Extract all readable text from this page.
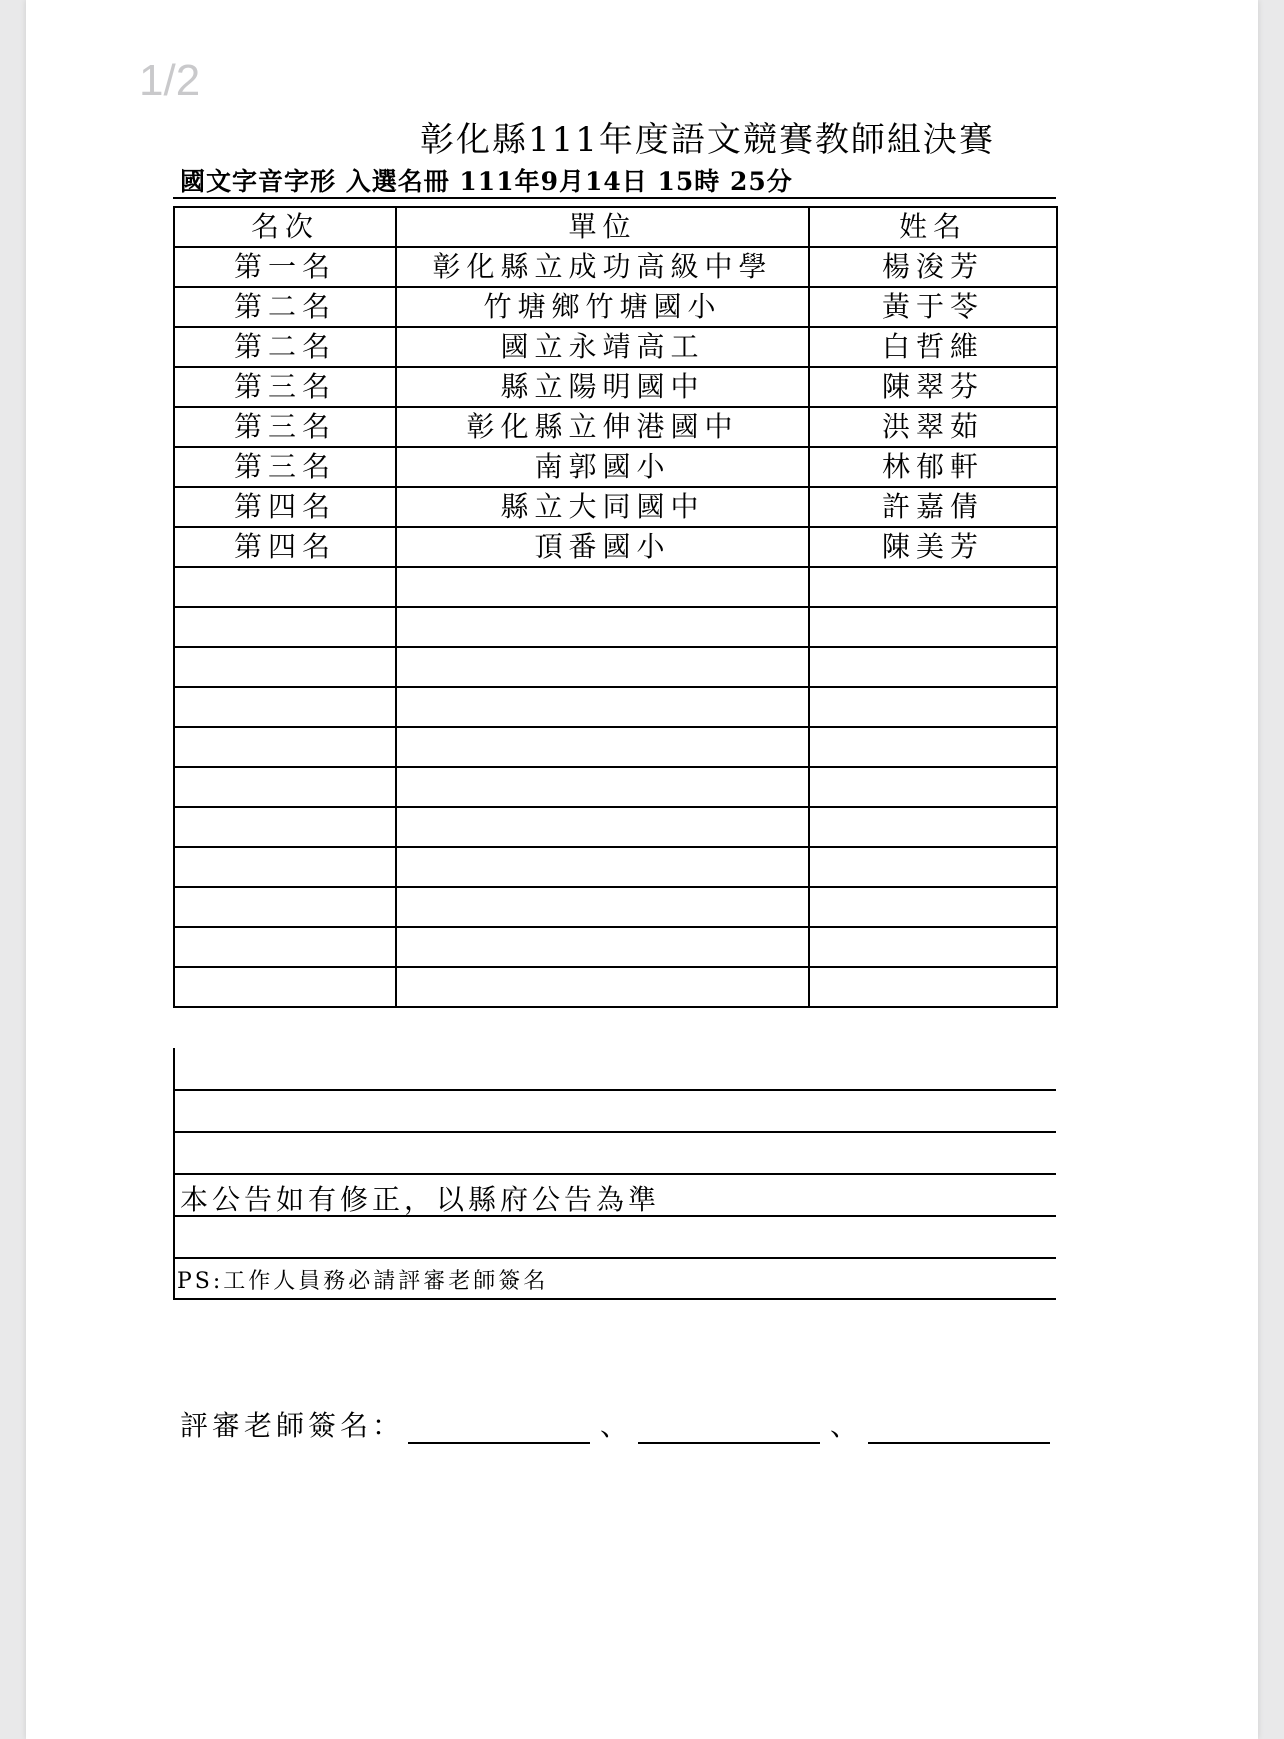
1/2
彰化縣111年度語文競賽教師組決賽
國文字音字形 入選名冊 111年9月14日 15時 25分
名次	單位	姓名
第一名	彰化縣立成功高級中學	楊浚芳
第二名	竹塘鄉竹塘國小	黃于苓
第二名	國立永靖高工	白哲維
第三名	縣立陽明國中	陳翠芬
第三名	彰化縣立伸港國中	洪翠茹
第三名	南郭國小	林郁軒
第四名	縣立大同國中	許嘉倩
第四名	頂番國小	陳美芳

本公告如有修正，以縣府公告為準
PS:工作人員務必請評審老師簽名
評審老師簽名：	、	、
